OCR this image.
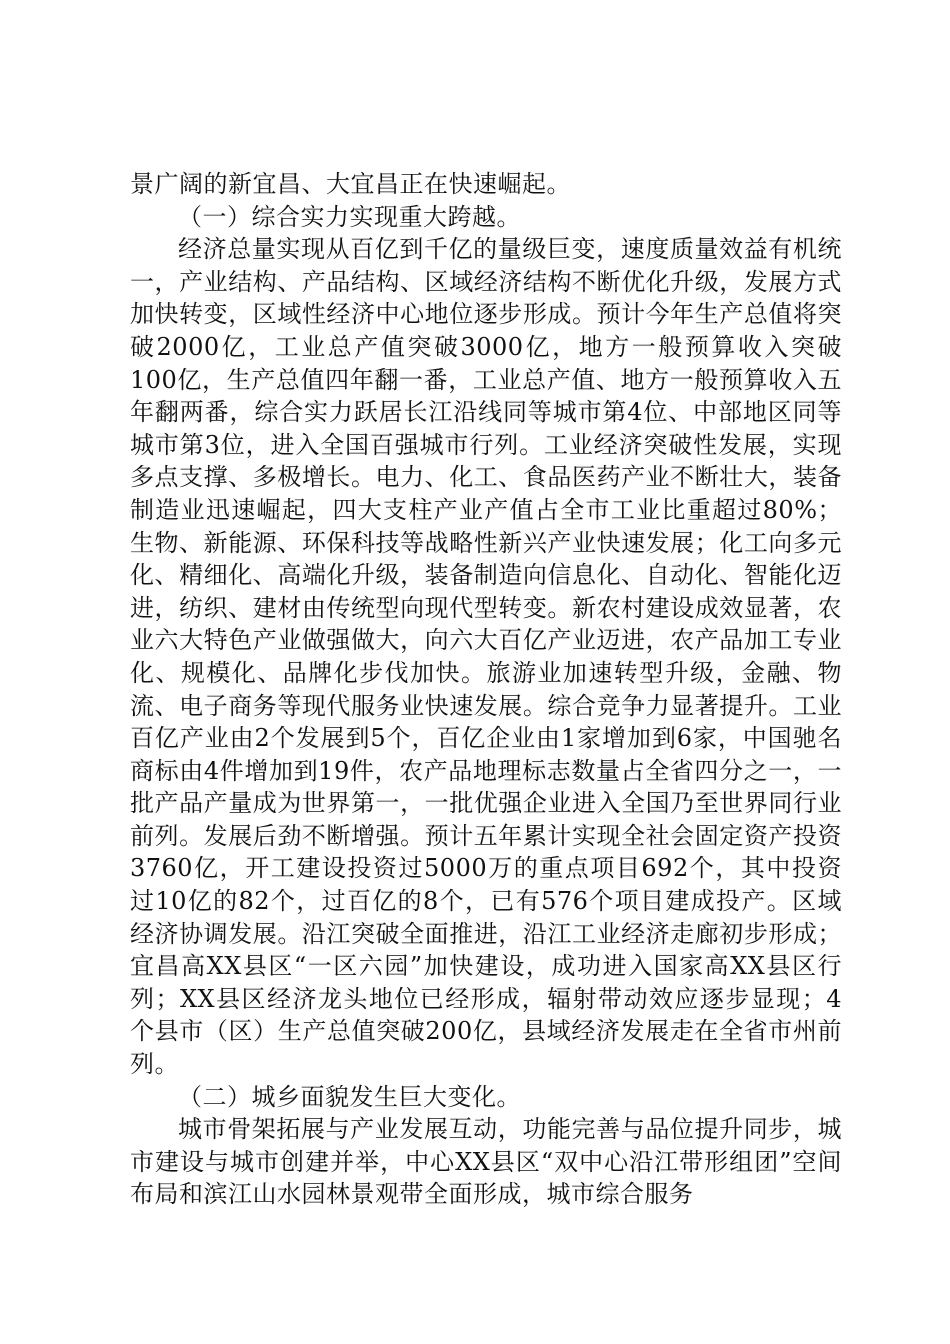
景广阔的新宜昌、大宜昌正在快速崛起。

（一）综合实力实现重大跨越。

经济总量实现从百亿到千亿的量级巨变，速度质量效益有机统一，产业结构、产品结构、区域经济结构不断优化升级，发展方式加快转变，区域性经济中心地位逐步形成。预计今年生产总值将突破2000亿，工业总产值突破3000亿，地方一般预算收入突破100亿，生产总值四年翻一番，工业总产值、地方一般预算收入五年翻两番，综合实力跃居长江沿线同等城市第4位、中部地区同等城市第3位，进入全国百强城市行列。工业经济突破性发展，实现多点支撑、多极增长。电力、化工、食品医药产业不断壮大，装备制造业迅速崛起，四大支柱产业产值占全市工业比重超过80%；生物、新能源、环保科技等战略性新兴产业快速发展；化工向多元化、精细化、高端化升级，装备制造向信息化、自动化、智能化迈进，纺织、建材由传统型向现代型转变。新农村建设成效显著，农业六大特色产业做强做大，向六大百亿产业迈进，农产品加工专业化、规模化、品牌化步伐加快。旅游业加速转型升级，金融、物流、电子商务等现代服务业快速发展。综合竞争力显著提升。工业百亿产业由2个发展到5个，百亿企业由1家增加到6家，中国驰名商标由4件增加到19件，农产品地理标志数量占全省四分之一，一批产品产量成为世界第一，一批优强企业进入全国乃至世界同行业前列。发展后劲不断增强。预计五年累计实现全社会固定资产投资3760亿，开工建设投资过5000万的重点项目692个，其中投资过10亿的82个，过百亿的8个，已有576个项目建成投产。区域经济协调发展。沿江突破全面推进，沿江工业经济走廊初步形成；宜昌高XX县区“一区六园”加快建设，成功进入国家高XX县区行列；XX县区经济龙头地位已经形成，辐射带动效应逐步显现；4个县市（区）生产总值突破200亿，县域经济发展走在全省市州前列。

（二）城乡面貌发生巨大变化。

城市骨架拓展与产业发展互动，功能完善与品位提升同步，城市建设与城市创建并举，中心XX县区“双中心沿江带形组团”空间布局和滨江山水园林景观带全面形成，城市综合服务
